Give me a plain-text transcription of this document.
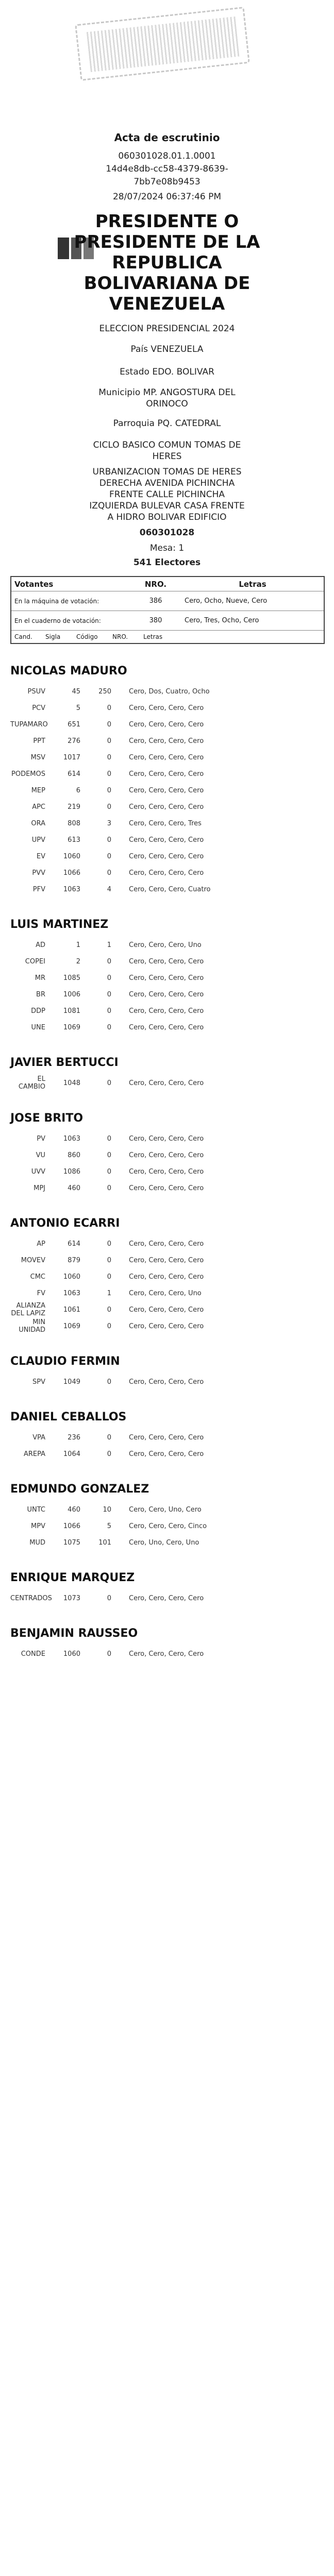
Acta de escrutinio
060301028.01.1.0001
14d4e8db-cc58-4379-8639-
7bb7e08b9453
28/07/2024 06:37:46 PM
PRESIDENTE O
PRESIDENTE DE LA
REPUBLICA
BOLIVARIANA DE
VENEZUELA
ELECCION PRESIDENCIAL 2024
País VENEZUELA
Estado EDO. BOLIVAR
Municipio MP. ANGOSTURA DEL
ORINOCO
Parroquia PQ. CATEDRAL
CICLO BASICO COMUN TOMAS DE
HERES
URBANIZACION TOMAS DE HERES
DERECHA AVENIDA PICHINCHA
FRENTE CALLE PICHINCHA
IZQUIERDA BULEVAR CASA FRENTE
A HIDRO BOLIVAR EDIFICIO
060301028
Mesa: 1
541 Electores
Votantes	NRO.	Letras
En la máquina de votación:	386	Cero, Ocho, Nueve, Cero
En el cuaderno de votación:	380	Cero, Tres, Ocho, Cero
Cand.	Sigla	Código	NRO.	Letras
NICOLAS MADURO
PSUV	45	250	Cero, Dos, Cuatro, Ocho
PCV	5	0	Cero, Cero, Cero, Cero
TUPAMARO	651	0	Cero, Cero, Cero, Cero
PPT	276	0	Cero, Cero, Cero, Cero
MSV	1017	0	Cero, Cero, Cero, Cero
PODEMOS	614	0	Cero, Cero, Cero, Cero
MEP	6	0	Cero, Cero, Cero, Cero
APC	219	0	Cero, Cero, Cero, Cero
ORA	808	3	Cero, Cero, Cero, Tres
UPV	613	0	Cero, Cero, Cero, Cero
EV	1060	0	Cero, Cero, Cero, Cero
PVV	1066	0	Cero, Cero, Cero, Cero
PFV	1063	4	Cero, Cero, Cero, Cuatro
LUIS MARTINEZ
AD	1	1	Cero, Cero, Cero, Uno
COPEI	2	0	Cero, Cero, Cero, Cero
MR	1085	0	Cero, Cero, Cero, Cero
BR	1006	0	Cero, Cero, Cero, Cero
DDP	1081	0	Cero, Cero, Cero, Cero
UNE	1069	0	Cero, Cero, Cero, Cero
JAVIER BERTUCCI
EL CAMBIO	1048	0	Cero, Cero, Cero, Cero
JOSE BRITO
PV	1063	0	Cero, Cero, Cero, Cero
VU	860	0	Cero, Cero, Cero, Cero
UVV	1086	0	Cero, Cero, Cero, Cero
MPJ	460	0	Cero, Cero, Cero, Cero
ANTONIO ECARRI
AP	614	0	Cero, Cero, Cero, Cero
MOVEV	879	0	Cero, Cero, Cero, Cero
CMC	1060	0	Cero, Cero, Cero, Cero
FV	1063	1	Cero, Cero, Cero, Uno
ALIANZA DEL LAPIZ	1061	0	Cero, Cero, Cero, Cero
MIN UNIDAD	1069	0	Cero, Cero, Cero, Cero
CLAUDIO FERMIN
SPV	1049	0	Cero, Cero, Cero, Cero
DANIEL CEBALLOS
VPA	236	0	Cero, Cero, Cero, Cero
AREPA	1064	0	Cero, Cero, Cero, Cero
EDMUNDO GONZALEZ
UNTC	460	10	Cero, Cero, Uno, Cero
MPV	1066	5	Cero, Cero, Cero, Cinco
MUD	1075	101	Cero, Uno, Cero, Uno
ENRIQUE MARQUEZ
CENTRADOS	1073	0	Cero, Cero, Cero, Cero
BENJAMIN RAUSSEO
CONDE	1060	0	Cero, Cero, Cero, Cero
